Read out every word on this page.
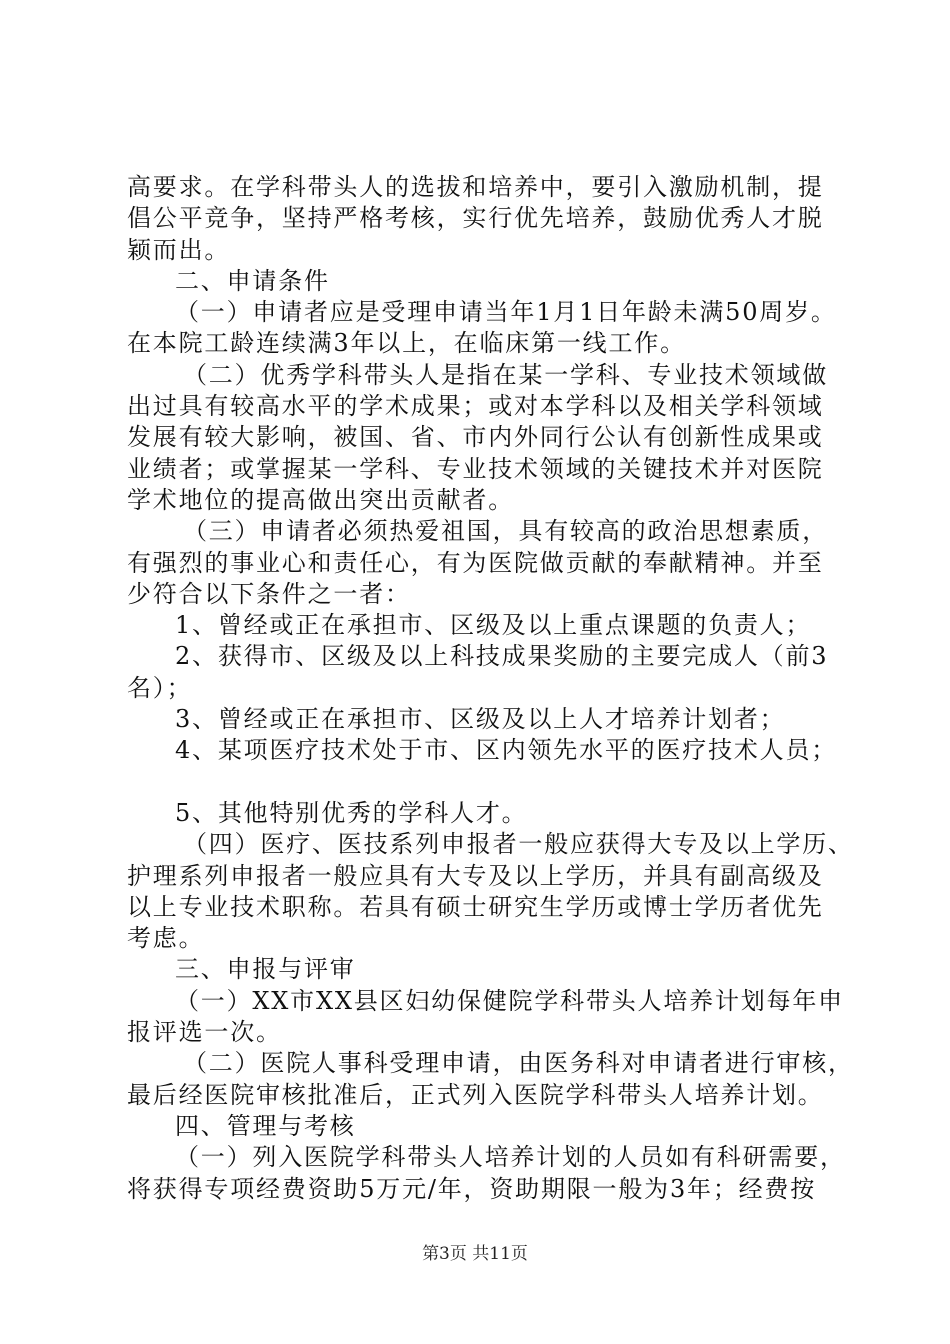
高要求。在学科带头人的选拔和培养中，要引入激励机制，提
倡公平竞争，坚持严格考核，实行优先培养，鼓励优秀人才脱
颖而出。
二、申请条件
（一）申请者应是受理申请当年1月1日年龄未满50周岁。
在本院工龄连续满3年以上，在临床第一线工作。
（二）优秀学科带头人是指在某一学科、专业技术领域做
出过具有较高水平的学术成果；或对本学科以及相关学科领域
发展有较大影响，被国、省、市内外同行公认有创新性成果或
业绩者；或掌握某一学科、专业技术领域的关键技术并对医院
学术地位的提高做出突出贡献者。
（三）申请者必须热爱祖国，具有较高的政治思想素质，
有强烈的事业心和责任心，有为医院做贡献的奉献精神。并至
少符合以下条件之一者：
1、曾经或正在承担市、区级及以上重点课题的负责人；
2、获得市、区级及以上科技成果奖励的主要完成人（前3
名）；
3、曾经或正在承担市、区级及以上人才培养计划者；
4、某项医疗技术处于市、区内领先水平的医疗技术人员；
5、其他特别优秀的学科人才。
（四）医疗、医技系列申报者一般应获得大专及以上学历、
护理系列申报者一般应具有大专及以上学历，并具有副高级及
以上专业技术职称。若具有硕士研究生学历或博士学历者优先
考虑。
三、申报与评审
（一）XX市XX县区妇幼保健院学科带头人培养计划每年申
报评选一次。
（二）医院人事科受理申请，由医务科对申请者进行审核，
最后经医院审核批准后，正式列入医院学科带头人培养计划。
四、管理与考核
（一）列入医院学科带头人培养计划的人员如有科研需要，
将获得专项经费资助5万元/年，资助期限一般为3年；经费按
第3页 共11页
